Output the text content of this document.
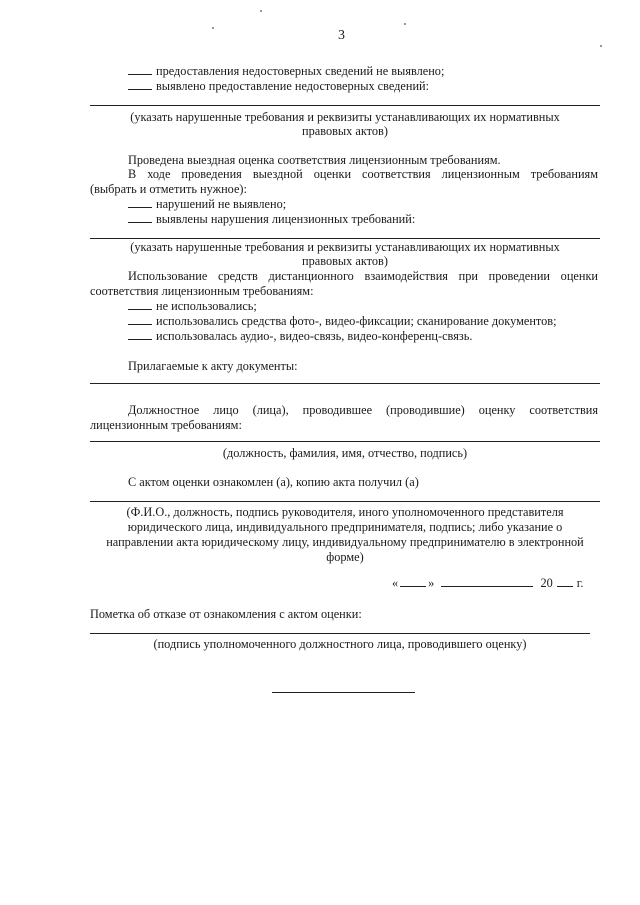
3
предоставления недостоверных сведений не выявлено;
выявлено предоставление недостоверных сведений:
(указать нарушенные требования и реквизиты устанавливающих их нормативных
правовых актов)
Проведена выездная оценка соответствия лицензионным требованиям.
В ходе проведения выездной оценки соответствия лицензионным требованиям
(выбрать и отметить нужное):
нарушений не выявлено;
выявлены нарушения лицензионных требований:
(указать нарушенные требования и реквизиты устанавливающих их нормативных
правовых актов)
Использование средств дистанционного взаимодействия при проведении оценки
соответствия лицензионным требованиям:
не использовались;
использовались средства фото-, видео-фиксации; сканирование документов;
использовалась аудио-, видео-связь, видео-конференц-связь.
Прилагаемые к акту документы:
Должностное лицо (лица), проводившее (проводившие) оценку соответствия
лицензионным требованиям:
(должность, фамилия, имя, отчество, подпись)
С актом оценки ознакомлен (а), копию акта получил (а)
(Ф.И.О., должность, подпись руководителя, иного уполномоченного представителя
юридического лица, индивидуального предпринимателя, подпись; либо указание о
направлении акта юридическому лицу, индивидуальному предпринимателю в электронной
форме)
« »	20 г.
Пометка об отказе от ознакомления с актом оценки:
(подпись уполномоченного должностного лица, проводившего оценку)
